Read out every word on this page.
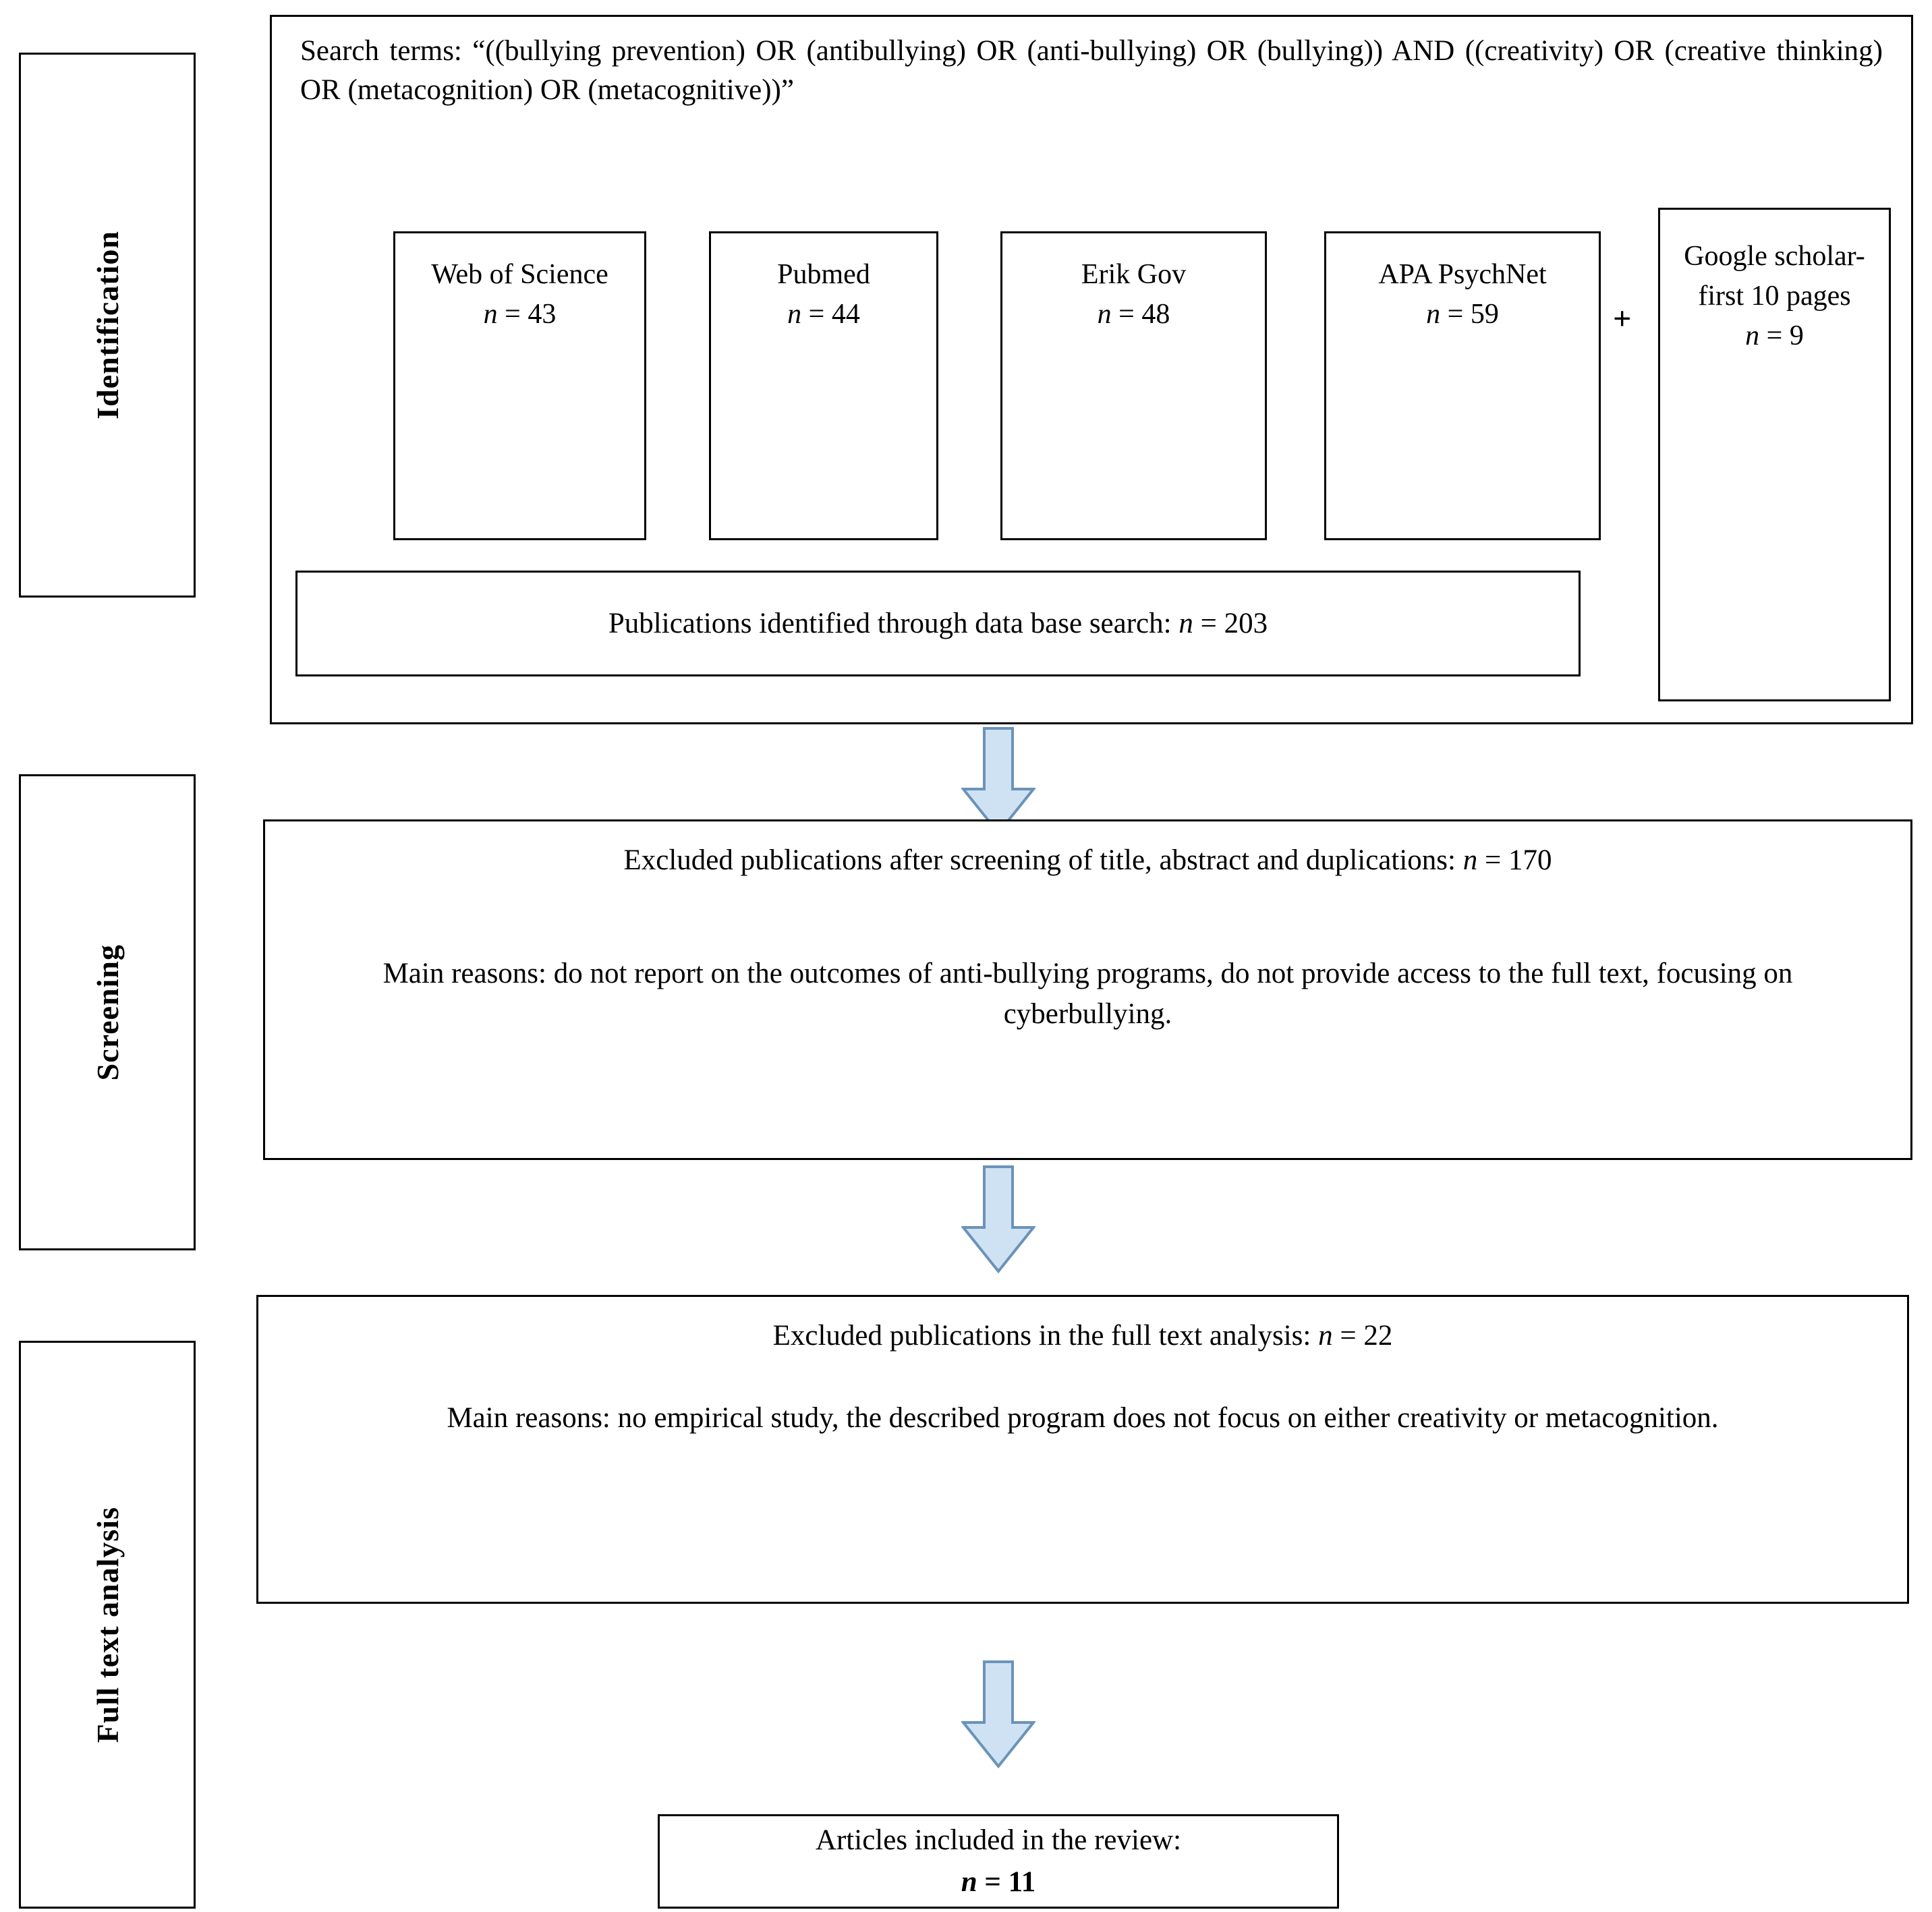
Identification
Screening
Full text analysis
Search terms: “((bullying prevention) OR (antibullying) OR (anti-bullying) OR (bullying)) AND ((creativity) OR (creative thinking) OR (metacognition) OR (metacognitive))”
Web of Science
n = 43
Pubmed
n = 44
Erik Gov
n = 48
APA PsychNet
n = 59	+
Google scholar- first 10 pages
n = 9
Publications identified through data base search: n = 203
Excluded publications after screening of title, abstract and duplications: n = 170
Main reasons: do not report on the outcomes of anti-bullying programs, do not provide access to the full text, focusing on cyberbullying.
Excluded publications in the full text analysis: n = 22
Main reasons: no empirical study, the described program does not focus on either creativity or metacognition.
Articles included in the review:
n = 11
